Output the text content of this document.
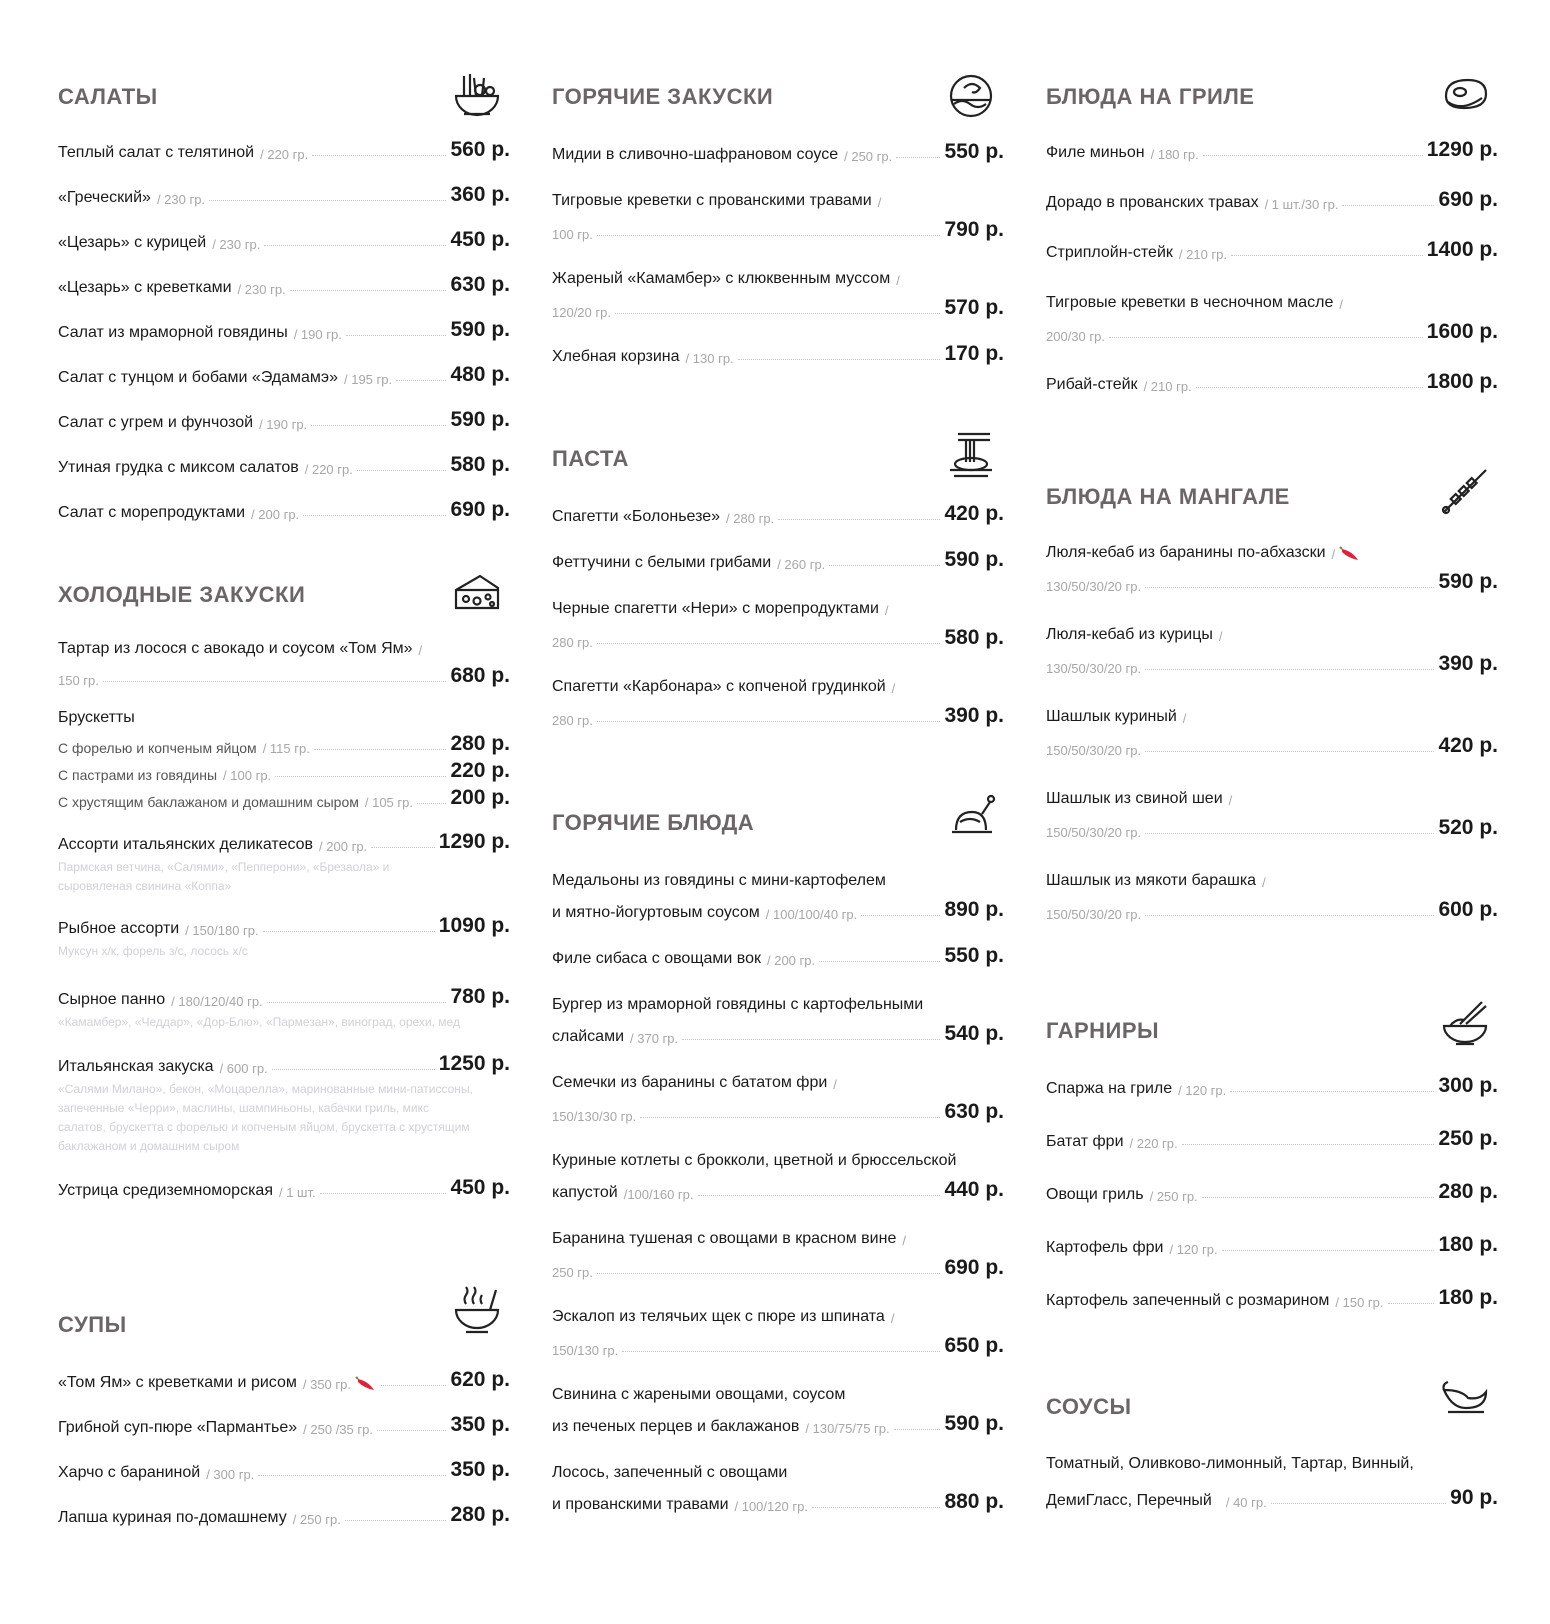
САЛАТЫ
Теплый салат с телятиной / 220 гр.	560 р.
«Греческий» / 230 гр.	360 р.
«Цезарь» с курицей / 230 гр.	450 р.
«Цезарь» с креветками / 230 гр.	630 р.
Салат из мраморной говядины / 190 гр.	590 р.
Салат с тунцом и бобами «Эдамамэ» / 195 гр.	480 р.
Салат с угрем и фунчозой / 190 гр.	590 р.
Утиная грудка с миксом салатов / 220 гр.	580 р.
Салат с морепродуктами / 200 гр.	690 р.
ХОЛОДНЫЕ ЗАКУСКИ
Тартар из лосося с авокадо и соусом «Том Ям» /
150 гр.	680 р.
Брускетты
С форелью и копченым яйцом / 115 гр.	280 р.
С пастрами из говядины / 100 гр.	220 р.
С хрустящим баклажаном и домашним сыром / 105 гр. 200 р.
Ассорти итальянских деликатесов / 200 гр.	1290 р.
Пармская ветчина, «Салями», «Пепперони», «Брезаола» и сыровяленая свинина «Коппа»
Рыбное ассорти / 150/180 гр.	1090 р.
Муксун х/к, форель з/с, лосось х/с
Сырное панно / 180/120/40 гр.	780 р.
«Камамбер», «Чеддар», «Дор-Блю», «Пармезан», виноград, орехи, мед
Итальянская закуска / 600 гр.	1250 р.
«Салями Милано», бекон, «Моцарелла», маринованные мини-патиссоны, запеченные «Черри», маслины, шампиньоны, кабачки гриль, микс салатов, брускетта с форелью и копченым яйцом, брускетта с хрустящим баклажаном и домашним сыром
Устрица средиземноморская / 1 шт.	450 р.
СУПЫ
«Том Ям» с креветками и рисом / 350 гр.	620 р.
Грибной суп-пюре «Пармантье» / 250 /35 гр.	350 р.
Харчо с бараниной / 300 гр.	350 р.
Лапша куриная по-домашнему / 250 гр.	280 р.
ГОРЯЧИЕ ЗАКУСКИ
Мидии в сливочно-шафрановом соусе / 250 гр. 550 р.
Тигровые креветки с прованскими травами /
100 гр.	790 р.
Жареный «Камамбер» с клюквенным муссом /
120/20 гр.	570 р.
Хлебная корзина / 130 гр.	170 р.
ПАСТА
Спагетти «Болоньезе» / 280 гр.	420 р.
Феттучини с белыми грибами / 260 гр.	590 р.
Черные спагетти «Нери» с морепродуктами /
280 гр.	580 р.
Спагетти «Карбонара» с копченой грудинкой /
280 гр.	390 р.
ГОРЯЧИЕ БЛЮДА
Медальоны из говядины с мини-картофелем
и мятно-йогуртовым соусом / 100/100/40 гр.	890 р.
Филе сибаса с овощами вок / 200 гр.	550 р.
Бургер из мраморной говядины с картофельными
слайсами / 370 гр.	540 р.
Семечки из баранины с бататом фри /
150/130/30 гр.	630 р.
Куриные котлеты с брокколи, цветной и брюссельской
капустой /100/160 гр.	440 р.
Баранина тушеная с овощами в красном вине /
250 гр.	690 р.
Эскалоп из телячьих щек с пюре из шпината /
150/130 гр.	650 р.
Свинина с жареными овощами, соусом
из печеных перцев и баклажанов / 130/75/75 гр.	590 р.
Лосось, запеченный с овощами
и прованскими травами / 100/120 гр.	880 р.
БЛЮДА НА ГРИЛЕ
Филе миньон / 180 гр.	1290 р.
Дорадо в прованских травах / 1 шт./30 гр.	690 р.
Стриплойн-стейк / 210 гр.	1400 р.
Тигровые креветки в чесночном масле /
200/30 гр.	1600 р.
Рибай-стейк / 210 гр.	1800 р.
БЛЮДА НА МАНГАЛЕ
Люля-кебаб из баранины по-абхазски /
130/50/30/20 гр.	590 р.
Люля-кебаб из курицы /
130/50/30/20 гр.	390 р.
Шашлык куриный /
150/50/30/20 гр.	420 р.
Шашлык из свиной шеи /
150/50/30/20 гр.	520 р.
Шашлык из мякоти барашка /
150/50/30/20 гр.	600 р.
ГАРНИРЫ
Спаржа на гриле / 120 гр.	300 р.
Батат фри / 220 гр.	250 р.
Овощи гриль / 250 гр.	280 р.
Картофель фри / 120 гр.	180 р.
Картофель запеченный с розмарином / 150 гр.	180 р.
СОУСЫ
Томатный, Оливково-лимонный, Тартар, Винный,
ДемиГласс, Перечный / 40 гр.	90 р.
